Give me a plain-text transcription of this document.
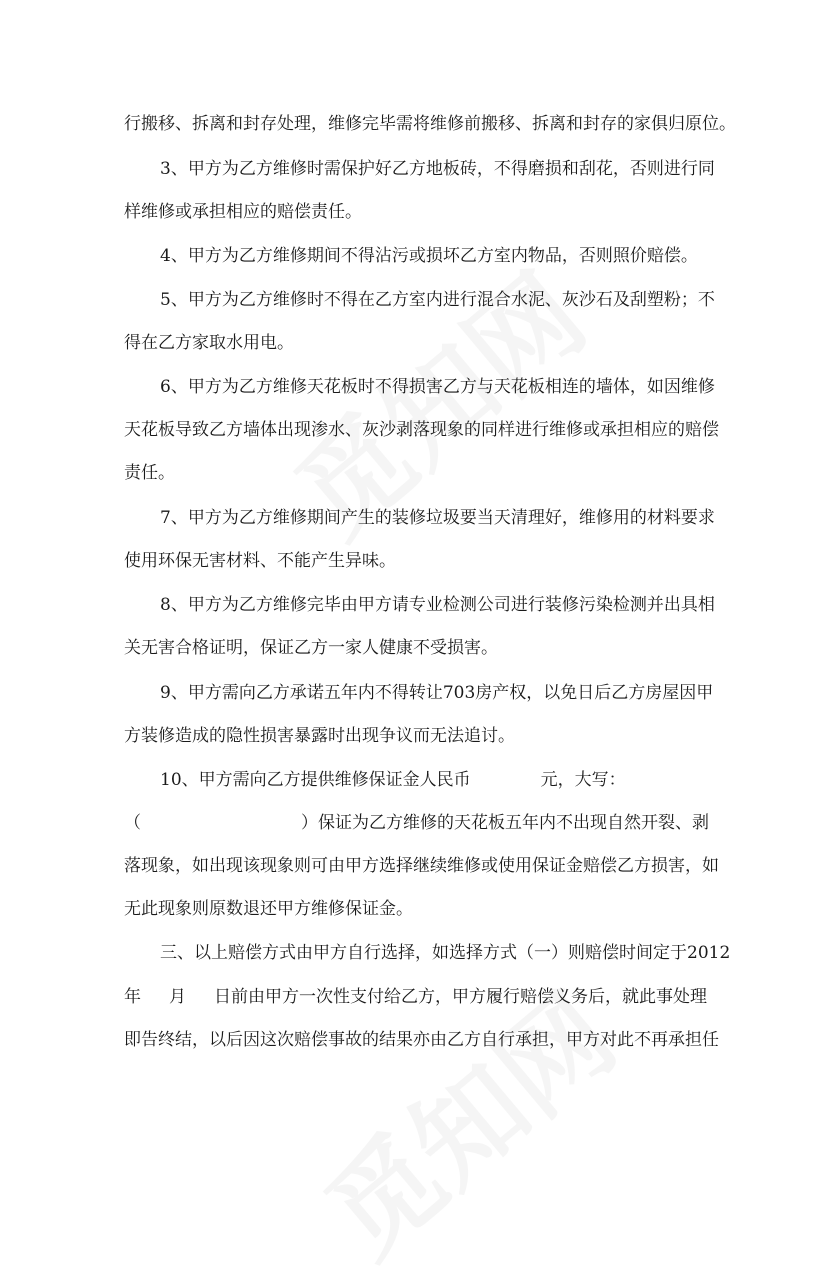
行搬移、拆离和封存处理，维修完毕需将维修前搬移、拆离和封存的家俱归原位。
3、甲方为乙方维修时需保护好乙方地板砖，不得磨损和刮花，否则进行同
样维修或承担相应的赔偿责任。
4、甲方为乙方维修期间不得沾污或损坏乙方室内物品，否则照价赔偿。
5、甲方为乙方维修时不得在乙方室内进行混合水泥、灰沙石及刮塑粉；不
得在乙方家取水用电。
6、甲方为乙方维修天花板时不得损害乙方与天花板相连的墙体，如因维修
天花板导致乙方墙体出现渗水、灰沙剥落现象的同样进行维修或承担相应的赔偿
责任。
7、甲方为乙方维修期间产生的装修垃圾要当天清理好，维修用的材料要求
使用环保无害材料、不能产生异味。
8、甲方为乙方维修完毕由甲方请专业检测公司进行装修污染检测并出具相
关无害合格证明，保证乙方一家人健康不受损害。
9、甲方需向乙方承诺五年内不得转让703房产权，以免日后乙方房屋因甲
方装修造成的隐性损害暴露时出现争议而无法追讨。
10、甲方需向乙方提供维修保证金人民币	元，大写：
（	）保证为乙方维修的天花板五年内不出现自然开裂、剥
落现象，如出现该现象则可由甲方选择继续维修或使用保证金赔偿乙方损害，如
无此现象则原数退还甲方维修保证金。
三、以上赔偿方式由甲方自行选择，如选择方式（一）则赔偿时间定于2012
年 月 日前由甲方一次性支付给乙方，甲方履行赔偿义务后，就此事处理
即告终结，以后因这次赔偿事故的结果亦由乙方自行承担，甲方对此不再承担任
